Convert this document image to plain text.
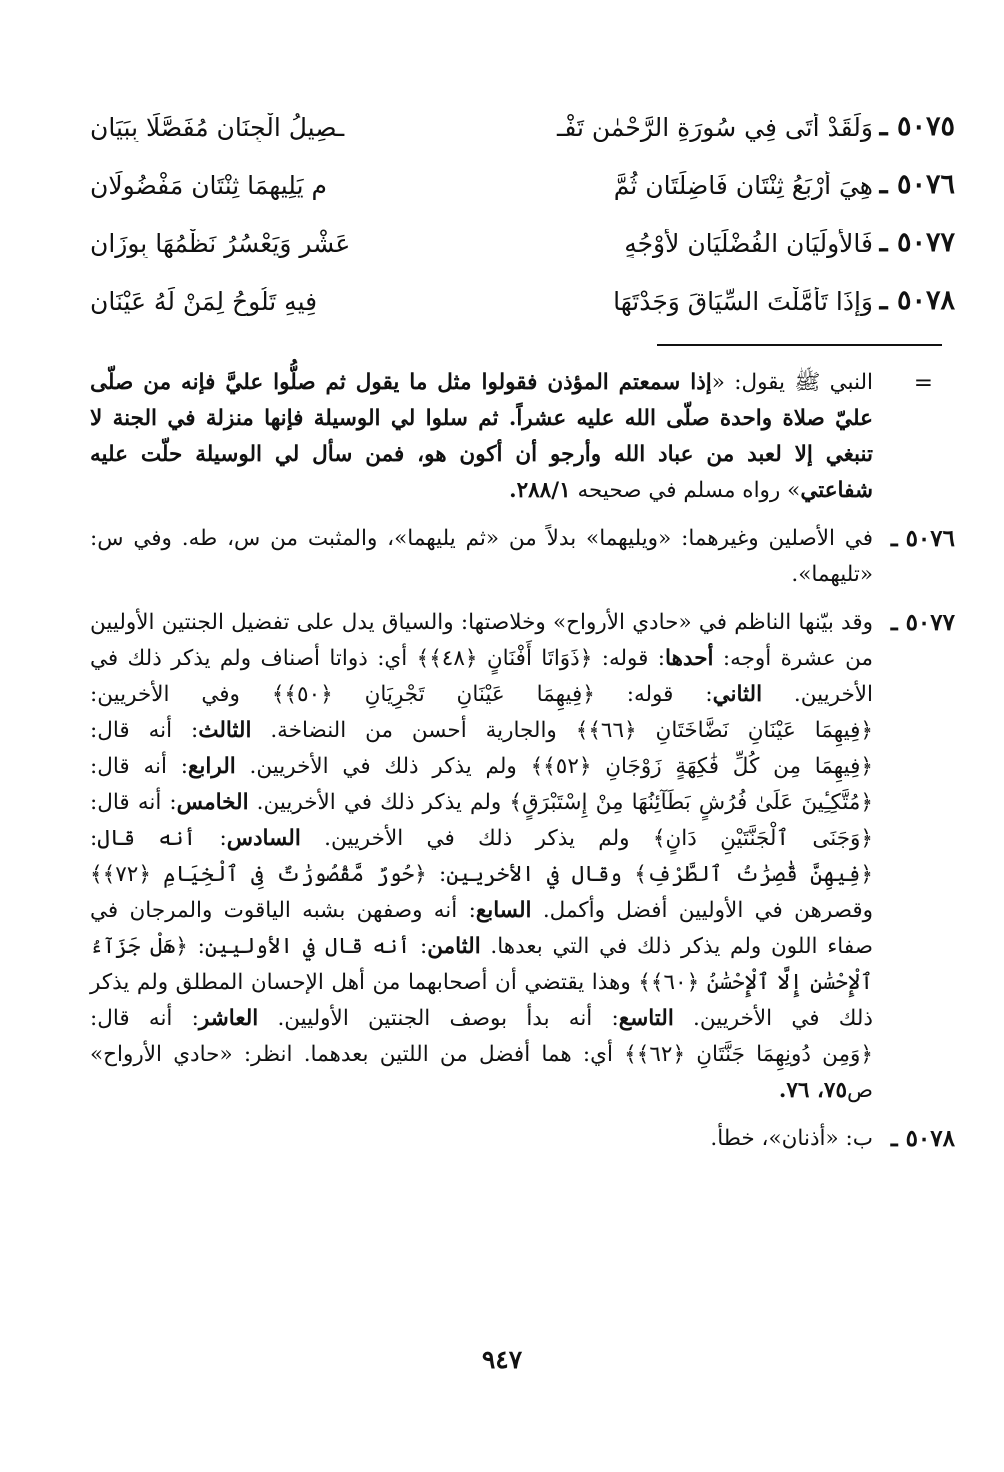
٥٠٧٥ ـ
وَلَقَدْ أَتَى فِي سُورَةِ الرَّحْمٰنِ تَفْـ
ـصِيلُ الْجِنَانِ مُفَصَّلًا بِبَيَانِ
٥٠٧٦ ـ
هِيَ أَرْبَعُ ثِنْتَانِ فَاضِلَتَانِ ثُمَّ
م يَلِيهِمَا ثِنْتَانِ مَفْضُولَانِ
٥٠٧٧ ـ
فَالأُولَيَانِ الفُضْلَيَانِ لأَوْجُهٍ
عَشْرٍ وَيَعْسُرُ نَظْمُهَا بِوِزَانِ
٥٠٧٨ ـ
وَإِذَا تَأَمَّلْتَ السِّيَاقَ وَجَدْتَهَا
فِيهِ تَلُوحُ لِمَنْ لَهُ عَيْنَانِ
=
النبي ﷺ يقول: «إذا سمعتم المؤذن فقولوا مثل ما يقول ثم صلُّوا عليَّ فإنه من صلّى عليّ صلاة واحدة صلّى الله عليه عشراً. ثم سلوا لي الوسيلة فإنها منزلة في الجنة لا تنبغي إلا لعبد من عباد الله وأرجو أن أكون هو، فمن سأل لي الوسيلة حلّت عليه شفاعتي» رواه مسلم في صحيحه ٢٨٨/١.
٥٠٧٦ ـ
في الأصلين وغيرهما: «ويليهما» بدلاً من «ثم يليهما»، والمثبت من س، طه. وفي س: «تليهما».
٥٠٧٧ ـ
وقد بيّنها الناظم في «حادي الأرواح» وخلاصتها: والسياق يدل على تفضيل الجنتين الأوليين من عشرة أوجه: أحدها: قوله: ﴿ذَوَاتَا أَفْنَانٍ ﴿٤٨﴾﴾ أي: ذواتا أصناف ولم يذكر ذلك في الأخريين. الثاني: قوله: ﴿فِيهِمَا عَيْنَانِ تَجْرِيَانِ ﴿٥٠﴾﴾ وفي الأخريين: ﴿فِيهِمَا عَيْنَانِ نَضَّاخَتَانِ ﴿٦٦﴾﴾ والجارية أحسن من النضاخة. الثالث: أنه قال: ﴿فِيهِمَا مِن كُلِّ فَٰكِهَةٍ زَوْجَانِ ﴿٥٢﴾﴾ ولم يذكر ذلك في الأخريين. الرابع: أنه قال: ﴿مُتَّكِـِٔينَ عَلَىٰ فُرُشٍ بَطَآئِنُهَا مِنْ إِسْتَبْرَقٍ﴾ ولم يذكر ذلك في الأخريين. الخامس: أنه قال: ﴿وَجَنَى ٱلْجَنَّتَيْنِ دَانٍ﴾ ولم يذكر ذلك في الأخريين. السادس: أنه قال: ﴿فِيهِنَّ قَٰصِرَٰتُ ٱلطَّرْفِ﴾ وقال في الأخريين: ﴿حُورٌ مَّقْصُورَٰتٌ فِى ٱلْخِيَامِ ﴿٧٢﴾﴾ وقصرهن في الأوليين أفضل وأكمل. السابع: أنه وصفهن بشبه الياقوت والمرجان في صفاء اللون ولم يذكر ذلك في التي بعدها. الثامن: أنه قال في الأوليين: ﴿هَلْ جَزَآءُ ٱلْإِحْسَٰنِ إِلَّا ٱلْإِحْسَٰنُ ﴿٦٠﴾﴾ وهذا يقتضي أن أصحابهما من أهل الإحسان المطلق ولم يذكر ذلك في الأخريين. التاسع: أنه بدأ بوصف الجنتين الأوليين. العاشر: أنه قال: ﴿وَمِن دُونِهِمَا جَنَّتَانِ ﴿٦٢﴾﴾ أي: هما أفضل من اللتين بعدهما. انظر: «حادي الأرواح» ص٧٥، ٧٦.
٥٠٧٨ ـ
ب: «أذنان»، خطأ.
٩٤٧
